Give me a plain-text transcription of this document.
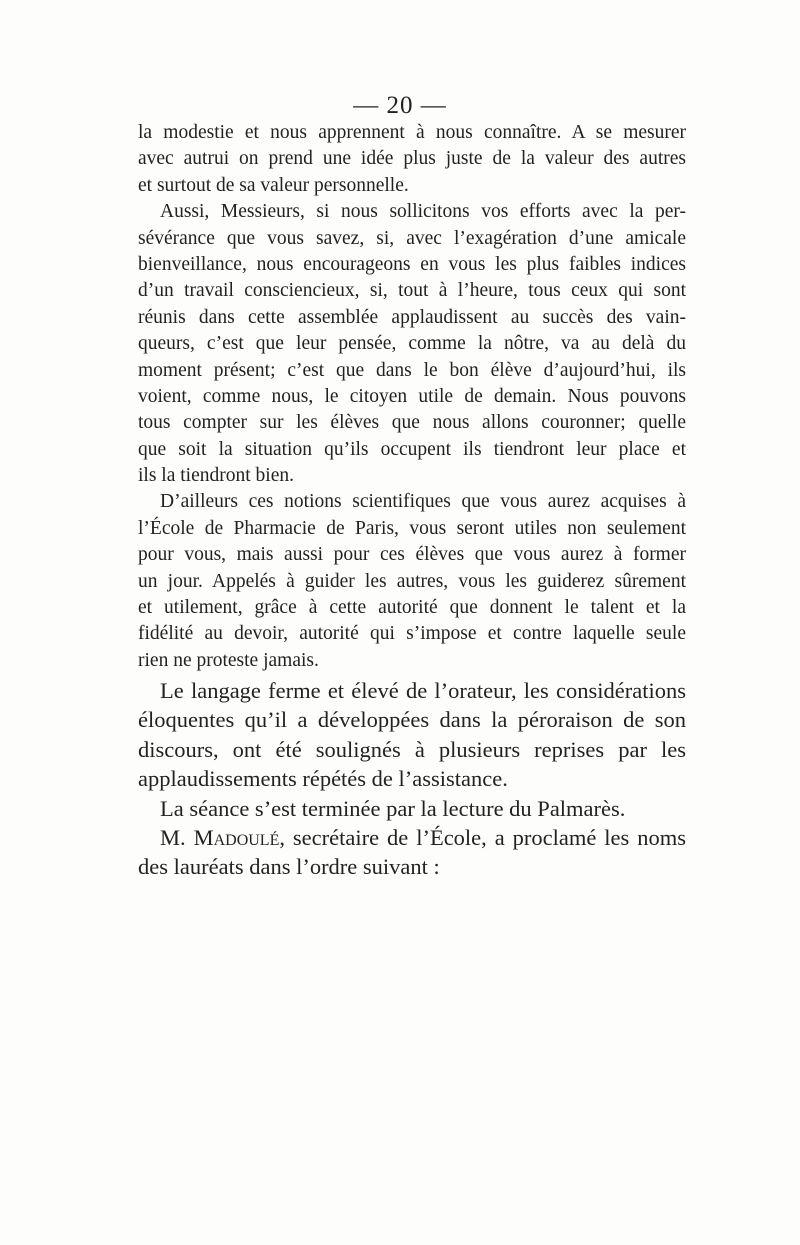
— 20 —
la modestie et nous apprennent à nous connaître. A se mesurer
avec autrui on prend une idée plus juste de la valeur des autres
et surtout de sa valeur personnelle.
Aussi, Messieurs, si nous sollicitons vos efforts avec la per-
sévérance que vous savez, si, avec l’exagération d’une amicale
bienveillance, nous encourageons en vous les plus faibles indices
d’un travail consciencieux, si, tout à l’heure, tous ceux qui sont
réunis dans cette assemblée applaudissent au succès des vain-
queurs, c’est que leur pensée, comme la nôtre, va au delà du
moment présent; c’est que dans le bon élève d’aujourd’hui, ils
voient, comme nous, le citoyen utile de demain. Nous pouvons
tous compter sur les élèves que nous allons couronner; quelle
que soit la situation qu’ils occupent ils tiendront leur place et
ils la tiendront bien.
D’ailleurs ces notions scientifiques que vous aurez acquises à
l’École de Pharmacie de Paris, vous seront utiles non seulement
pour vous, mais aussi pour ces élèves que vous aurez à former
un jour. Appelés à guider les autres, vous les guiderez sûrement
et utilement, grâce à cette autorité que donnent le talent et la
fidélité au devoir, autorité qui s’impose et contre laquelle seule
rien ne proteste jamais.
Le langage ferme et élevé de l’orateur, les considérations
éloquentes qu’il a développées dans la péroraison de son
discours, ont été soulignés à plusieurs reprises par les
applaudissements répétés de l’assistance.
La séance s’est terminée par la lecture du Palmarès.
M. Madoulé, secrétaire de l’École, a proclamé les noms
des lauréats dans l’ordre suivant :
